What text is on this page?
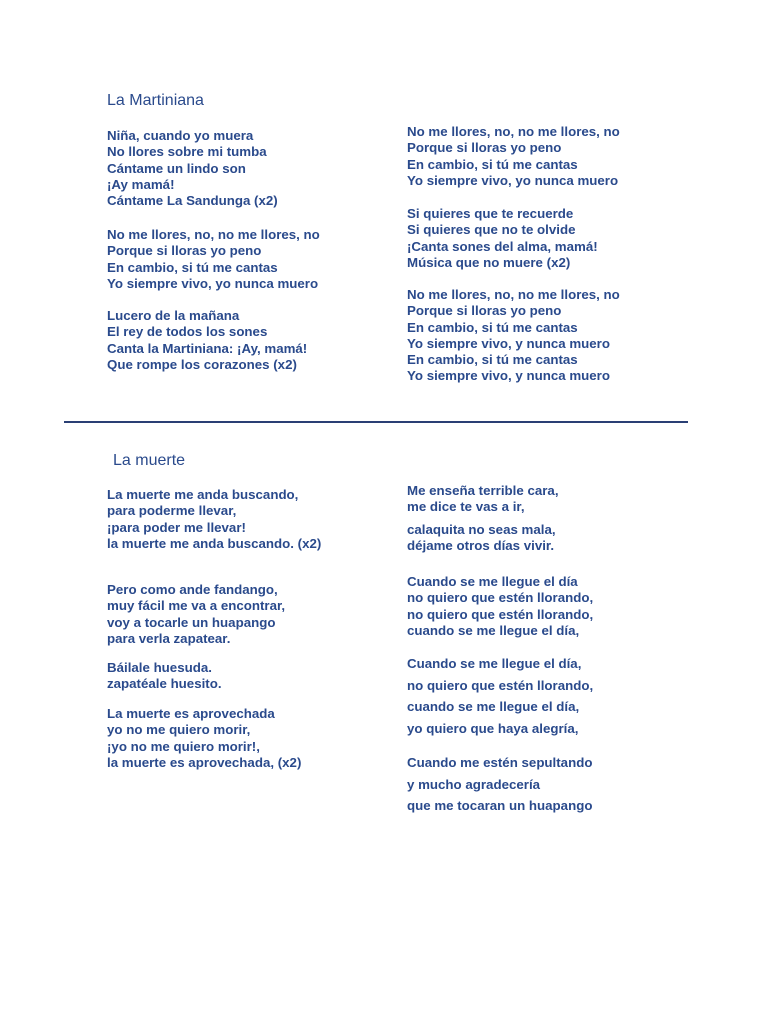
La Martiniana
Niña, cuando yo muera
No llores sobre mi tumba
Cántame un lindo son
¡Ay mamá!
Cántame La Sandunga (x2)
No me llores, no, no me llores, no
Porque si lloras yo peno
En cambio, si tú me cantas
Yo siempre vivo, yo nunca muero
Lucero de la mañana
El rey de todos los sones
Canta la Martiniana: ¡Ay, mamá!
Que rompe los corazones (x2)
No me llores, no, no me llores, no
Porque si lloras yo peno
En cambio, si tú me cantas
Yo siempre vivo, yo nunca muero
Si quieres que te recuerde
Si quieres que no te olvide
¡Canta sones del alma, mamá!
Música que no muere (x2)
No me llores, no, no me llores, no
Porque si lloras yo peno
En cambio, si tú me cantas
Yo siempre vivo, y nunca muero
En cambio, si tú me cantas
Yo siempre vivo, y nunca muero
La muerte
La muerte me anda buscando,
para poderme llevar,
¡para poder me llevar!
la muerte me anda buscando. (x2)
Pero como ande fandango,
muy fácil me va a encontrar,
voy a tocarle un huapango
para verla zapatear.
Báilale huesuda.
zapatéale huesito.
La muerte es aprovechada
yo no me quiero morir,
¡yo no me quiero morir!,
la muerte es aprovechada, (x2)
Me enseña terrible cara,
me dice te vas a ir,
calaquita no seas mala,
déjame otros días vivir.
Cuando se me llegue el día
no quiero que estén llorando,
no quiero que estén llorando,
cuando se me llegue el día,
Cuando se me llegue el día,
no quiero que estén llorando,
cuando se me llegue el día,
yo quiero que haya alegría,
Cuando me estén sepultando
y mucho agradecería
que me tocaran un huapango
